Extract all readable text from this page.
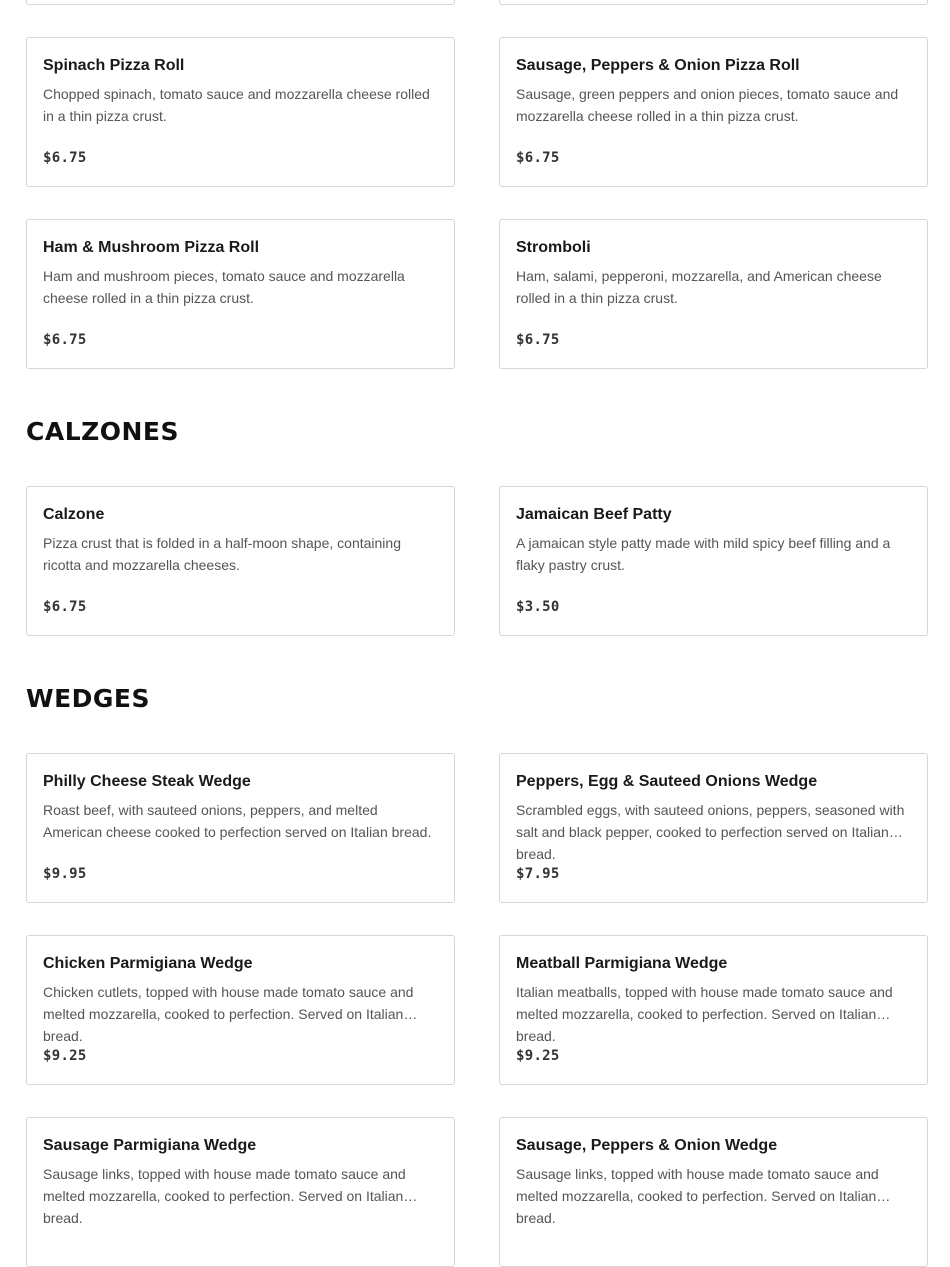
Spinach Pizza Roll
Chopped spinach, tomato sauce and mozzarella cheese rolled in a thin pizza crust.
$6.75
Sausage, Peppers & Onion Pizza Roll
Sausage, green peppers and onion pieces, tomato sauce and mozzarella cheese rolled in a thin pizza crust.
$6.75
Ham & Mushroom Pizza Roll
Ham and mushroom pieces, tomato sauce and mozzarella cheese rolled in a thin pizza crust.
$6.75
Stromboli
Ham, salami, pepperoni, mozzarella, and American cheese rolled in a thin pizza crust.
$6.75
CALZONES
Calzone
Pizza crust that is folded in a half-moon shape, containing ricotta and mozzarella cheeses.
$6.75
Jamaican Beef Patty
A jamaican style patty made with mild spicy beef filling and a flaky pastry crust.
$3.50
WEDGES
Philly Cheese Steak Wedge
Roast beef, with sauteed onions, peppers, and melted American cheese cooked to perfection served on Italian bread.
$9.95
Peppers, Egg & Sauteed Onions Wedge
Scrambled eggs, with sauteed onions, peppers, seasoned with salt and black pepper, cooked to perfection served on Italian bread.
$7.95
Chicken Parmigiana Wedge
Chicken cutlets, topped with house made tomato sauce and melted mozzarella, cooked to perfection. Served on Italian bread.
$9.25
Meatball Parmigiana Wedge
Italian meatballs, topped with house made tomato sauce and melted mozzarella, cooked to perfection. Served on Italian bread.
$9.25
Sausage Parmigiana Wedge
Sausage links, topped with house made tomato sauce and melted mozzarella, cooked to perfection. Served on Italian bread.
Sausage, Peppers & Onion Wedge
Sausage links, topped with house made tomato sauce and melted mozzarella, cooked to perfection. Served on Italian bread.
